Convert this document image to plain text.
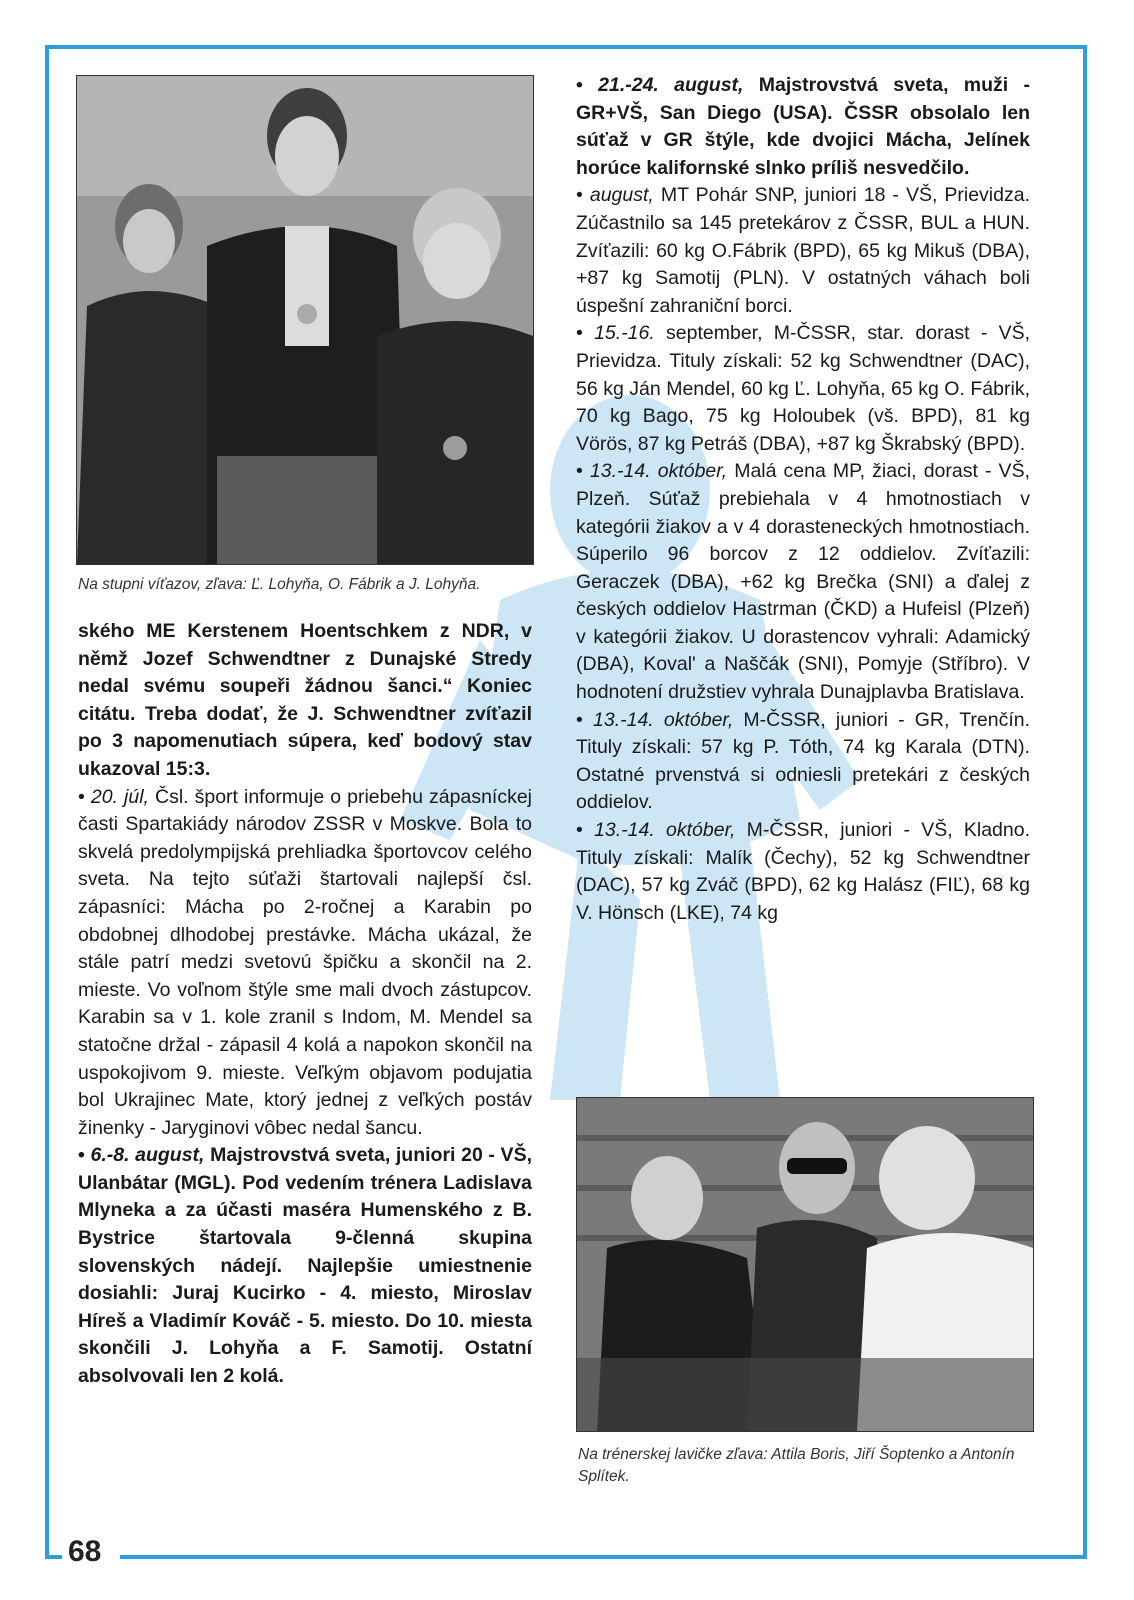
68
Na stupni víťazov, zľava: Ľ. Lohyňa, O. Fábrik a J. Lohyňa.

ského ME Kerstenem Hoentschkem z NDR, v němž Jozef Schwendtner z Dunajské Stredy nedal svému soupeři žádnou šanci.“ Koniec citátu. Treba dodať, že J. Schwendtner zvíťazil po 3 napomenutiach súpera, keď bodový stav ukazoval 15:3.

• 20. júl, Čsl. šport informuje o priebehu zápasníckej časti Spartakiády národov ZSSR v Moskve. Bola to skvelá predolympijská prehliadka športovcov celého sveta. Na tejto súťaži štartovali najlepší čsl. zápasníci: Mácha po 2-ročnej a Karabin po obdobnej dlhodobej prestávke. Mácha ukázal, že stále patrí medzi svetovú špičku a skončil na 2. mieste. Vo voľnom štýle sme mali dvoch zástupcov. Karabin sa v 1. kole zranil s Indom, M. Mendel sa statočne držal - zápasil 4 kolá a napokon skončil na uspokojivom 9. mieste. Veľkým objavom podujatia bol Ukrajinec Mate, ktorý jednej z veľkých postáv žinenky - Jaryginovi vôbec nedal šancu.

• 6.-8. august, Majstrovstvá sveta, juniori 20 - VŠ, Ulanbátar (MGL). Pod vedením trénera Ladislava Mlyneka a za účasti maséra Humenského z B. Bystrice štartovala 9-členná skupina slovenských nádejí. Najlepšie umiestnenie dosiahli: Juraj Kucirko - 4. miesto, Miroslav Híreš a Vladimír Kováč - 5. miesto. Do 10. miesta skončili J. Lohyňa a F. Samotij. Ostatní absolvovali len 2 kolá.

• 21.-24. august, Majstrovstvá sveta, muži - GR+VŠ, San Diego (USA). ČSSR obsolalo len súťaž v GR štýle, kde dvojici Mácha, Jelínek horúce kalifornské slnko príliš nesvedčilo.

• august, MT Pohár SNP, juniori 18 - VŠ, Prievidza. Zúčastnilo sa 145 pretekárov z ČSSR, BUL a HUN. Zvíťazili: 60 kg O.Fábrik (BPD), 65 kg Mikuš (DBA), +87 kg Samotij (PLN). V ostatných váhach boli úspešní zahraniční borci.

• 15.-16. september, M-ČSSR, star. dorast - VŠ, Prievidza. Tituly získali: 52 kg Schwendtner (DAC), 56 kg Ján Mendel, 60 kg Ľ. Lohyňa, 65 kg O. Fábrik, 70 kg Bago, 75 kg Holoubek (vš. BPD), 81 kg Vörös, 87 kg Petráš (DBA), +87 kg Škrabský (BPD).

• 13.-14. október, Malá cena MP, žiaci, dorast - VŠ, Plzeň. Súťaž prebiehala v 4 hmotnostiach v kategórii žiakov a v 4 dorasteneckých hmotnostiach. Súperilo 96 borcov z 12 oddielov. Zvíťazili: Geraczek (DBA), +62 kg Brečka (SNI) a ďalej z českých oddielov Hastrman (ČKD) a Hufeisl (Plzeň) v kategórii žiakov. U dorastencov vyhrali: Adamický (DBA), Koval' a Naščák (SNI), Pomyje (Stříbro). V hodnotení družstiev vyhrala Dunajplavba Bratislava.

• 13.-14. október, M-ČSSR, juniori - GR, Trenčín. Tituly získali: 57 kg P. Tóth, 74 kg Karala (DTN). Ostatné prvenstvá si odniesli pretekári z českých oddielov.

• 13.-14. október, M-ČSSR, juniori - VŠ, Kladno. Tituly získali: Malík (Čechy), 52 kg Schwendtner (DAC), 57 kg Zváč (BPD), 62 kg Halász (FIĽ), 68 kg V. Hönsch (LKE), 74 kg

Na trénerskej lavičke zľava: Attila Boris, Jiří Šoptenko a Antonín Splítek.
